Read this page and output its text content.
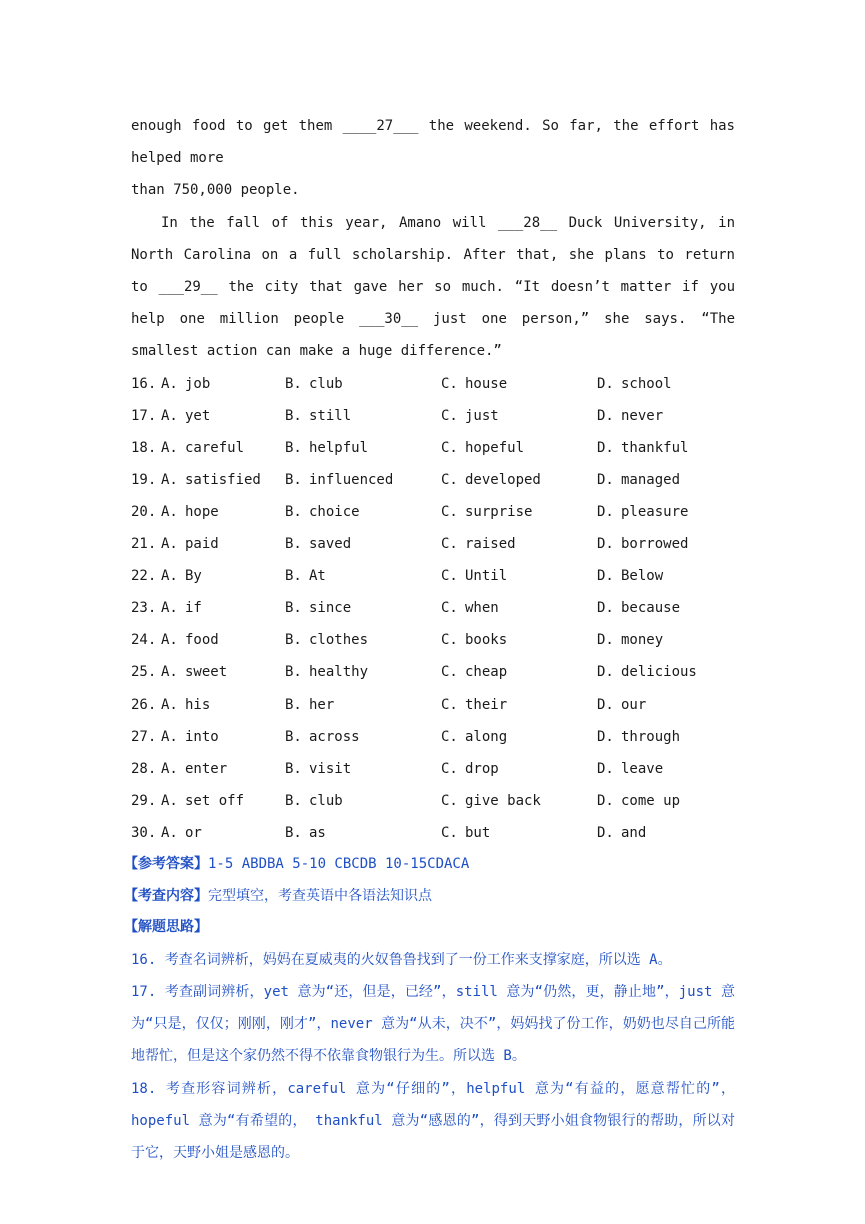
enough food to get them ____27___ the weekend. So far, the effort has helped more
than 750,000 people.

In the fall of this year, Amano will ___28__ Duck University, in North Carolina on a full scholarship. After that, she plans to return to ___29__ the city that gave her so much. “It doesn’t matter if you help one million people ___30__ just one person,” she says. “The smallest action can make a huge difference.”

16. A. job	B. club	C. house	D. school
17. A. yet	B. still	C. just	D. never
18. A. careful	B. helpful	C. hopeful	D. thankful
19. A. satisfied B. influenced	C. developed	D. managed
20. A. hope	B. choice	C. surprise	D. pleasure
21. A. paid	B. saved	C. raised	D. borrowed
22. A. By	B. At	C. Until	D. Below
23. A. if	B. since	C. when	D. because
24. A. food	B. clothes	C. books	D. money
25. A. sweet	B. healthy	C. cheap	D. delicious
26. A. his	B. her	C. their	D. our
27. A. into	B. across	C. along	D. through
28. A. enter	B. visit	C. drop	D. leave
29. A. set off	B. club	C. give back	D. come up
30. A. or	B. as	C. but	D. and
【参考答案】1-5 ABDBA 5-10 CBCDB 10-15CDACA
【考查内容】完型填空，考查英语中各语法知识点
【解题思路】

16. 考查名词辨析，妈妈在夏威夷的火奴鲁鲁找到了一份工作来支撑家庭，所以选 A。

17. 考查副词辨析，yet 意为“还，但是，已经”，still 意为“仍然，更，静止地”，just 意为“只是，仅仅；刚刚，刚才”，never 意为“从未，决不”，妈妈找了份工作，奶奶也尽自己所能地帮忙，但是这个家仍然不得不依靠食物银行为生。所以选 B。

18. 考查形容词辨析，careful 意为“仔细的”，helpful 意为“有益的，愿意帮忙的”，hopeful 意为“有希望的， thankful 意为“感恩的”，得到天野小姐食物银行的帮助，所以对于它，天野小姐是感恩的。
